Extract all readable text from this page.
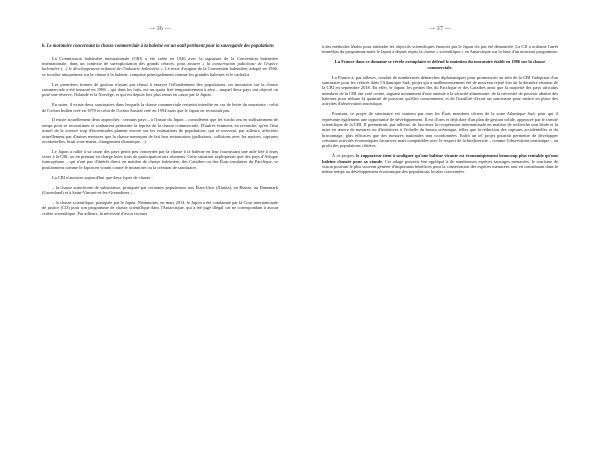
— 36 —
b. Le moratoire concernant la chasse commerciale à la baleine est un outil pertinent pour la sauvegarde des populations

La Commission baleinière internationale (CBI) a été créée en 1946 avec la signature de la Convention baleinière internationale, dans un contexte de surexploitation des grands cétacés, pour assurer « la conservation judicieuse de l'espèce baleinière (...) le développement ordonné de l'industrie baleinière ». Le texte d'origine de la Convention baleinière, adopté en 1946, se focalise uniquement sur la chasse à la baleine, comprise principalement comme les grandes baleines et le cachalot.

Les premières formes de gestion n'ayant pas réussi à enrayer l'effondrement des populations, un moratoire sur la chasse commerciale a été instauré en 1986 – qui dans les faits, est un quota fixé temporairement à zéro – auquel deux pays ont objecté ou posé une réserve, l'Islande et la Norvège, et qui est depuis lors plus remis en cause par le Japon.

En outre, il existe deux sanctuaires dans lesquels la chasse commerciale restreint interdite en cas de levée du moratoire : celui de l'océan Indien créé en 1979 et celui de l'océan Austral créé en 1994 mais que le Japon ne reconnaît pas.

Il existe actuellement deux approches : certains pays – à l'instar du Japon – considèrent que les stocks ont eu suffisamment de temps pour se reconstituer et souhaitent permettre la reprise de la chasse commerciale. D'autres estiment, en revanche, qu'en l'état actuel de la science trop d'incertitudes planent encore sur les estimations de populations, qui se trouvent, par ailleurs, affectées actuellement par d'autres menaces que la chasse menaçant de fait leur restauration (pollutions, collisions avec les navires, captures accidentelles, bruit sous-marin, changement climatique…).

Le Japon a rallié à sa cause des pays petits peu concernés par la chasse à la baleine en leur fournissant une aide liée à leurs votes à la CBI, ou en prenant en charge leurs frais de participation aux réunions. Cette situation expliquerait que des pays d'Afrique francophone – qui n'ont pas d'intérêt direct en matière de chasse baleinière, des Caraïbes ou des États insulaires du Pacifique, se positionnent comme le Japon en votant contre le moratoire ou la création de sanctuaire.

La CBI n'autorise aujourd'hui que deux types de chasse :

– la chasse autochtone de subsistance, pratiquée par certaines populations aux États-Unis (Alaska), en Russie, au Danemark (Groenland) et à Saint-Vincent-et-les-Grenadines ;

– la chasse scientifique, pratiquée par le Japon. Néanmoins, en mars 2014, le Japon a été condamné par la Cour internationale de justice (CIJ) pour son programme de chasse scientifique dans l'Antarctique, qui a été jugé illégal car ne correspondant à aucun critère scientifique. Par ailleurs, la nécessité d'avoir recours

— 37 —

à des méthodes létales pour atteindre les objectifs scientifiques énoncés par le Japon n'a pas été démontrée. La CIJ a ordonné l'arrêt immédiat du programme mais le Japon a depuis repris la chasse « scientifique » en Antarctique sur la base d'un nouveau programme.

La France dans ce domaine se révèle exemplaire et défend le maintien du moratoire établi en 1986 sur la chasse commerciale.

La France a, par ailleurs, conduit de nombreuses démarches diplomatiques pour promouvoir au sein de la CBI l'adoption d'un sanctuaire pour les cétacés dans l'Atlantique Sud, projet qui a malheureusement été de nouveau rejeté lors de la dernière réunion de la CBI en septembre 2018. En effet, le Japon, les petites îles du Pacifique et des Caraïbes ainsi que la majorité des pays africains membres de la CBI ont voté contre, arguant notamment d'une atteinte à la sécurité alimentaire, de la nécessité de pouvoir abattre des baleines pour réduire la quantité de poissons qu'elles consomment, et de l'inutilité d'avoir un sanctuaire pour mettre en place des activités d'observation touristique.

Pourtant, ce projet de sanctuaire est soutenu par tous les États membres côtiers de la zone Atlantique Sud, pour qui il représente également une opportunité de développement. Il est d'ores et déjà doté d'un plan de gestion solide, approuvé par le comité scientifique de la CBI. Il permettrait, par ailleurs, de favoriser la coopération internationale en matière de recherche non létale et la mise en œuvre de mesures ou d'initiatives à l'échelle du bassin océanique, telles que la réduction des captures accidentelles et du braconnage, plus efficaces que des mesures nationales non coordonnées. Enfin un tel projet pourrait permettre de développer certaines activités économiques lucratives mais compatibles avec le respect de la biodiversité – comme l'observation touristique – au profit des populations côtières.

À ce propos, le rapporteur tient à souligner qu'une baleine vivante est économiquement beaucoup plus rentable qu'une baleine chassée pour sa viande. Cet adage pourrait être appliqué à de nombreuses espèces sauvages menacées, le tourisme de vision pouvant le plus souvent générer d'importants bénéfices pour la conservation des espèces menacées tout en contribuant dans le même temps au développement économique des populations locales concernées.
